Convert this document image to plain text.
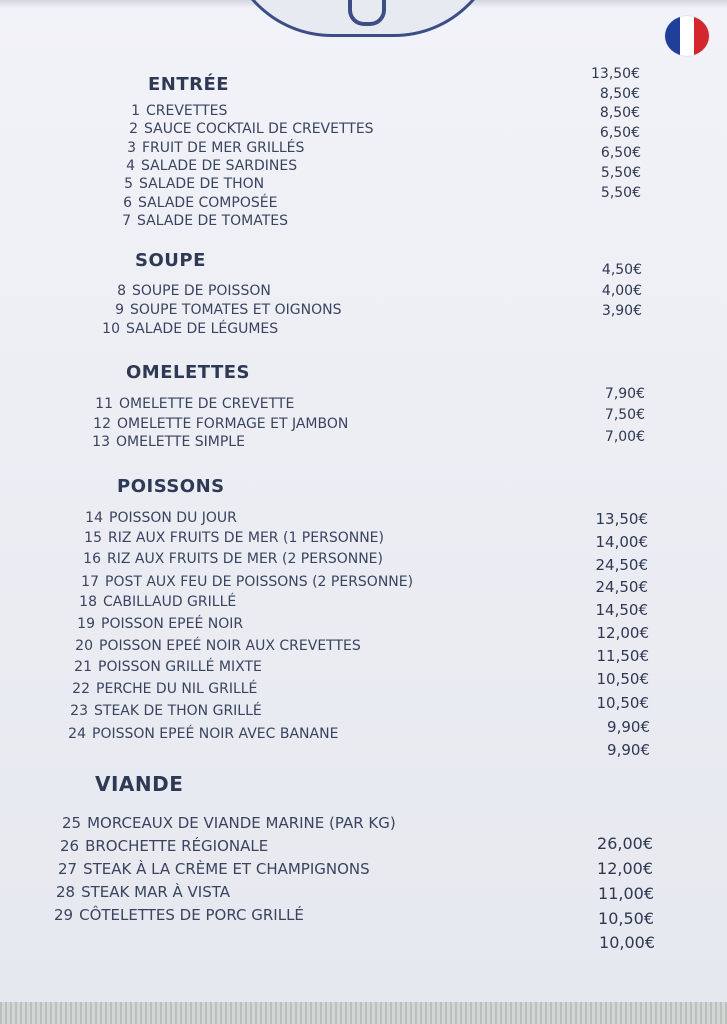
ENTRÉE
1 CREVETTES
2 SAUCE COCKTAIL DE CREVETTES
3 FRUIT DE MER GRILLÉS
4 SALADE DE SARDINES
5 SALADE DE THON
6 SALADE COMPOSÉE
7 SALADE DE TOMATES
13,50€
8,50€
8,50€
6,50€
6,50€
5,50€
5,50€
SOUPE
8 SOUPE DE POISSON
9 SOUPE TOMATES ET OIGNONS
10 SALADE DE LÉGUMES
4,50€
4,00€
3,90€
OMELETTES
11 OMELETTE DE CREVETTE
12 OMELETTE FORMAGE ET JAMBON
13 OMELETTE SIMPLE
7,90€
7,50€
7,00€
POISSONS
14 POISSON DU JOUR
15 RIZ AUX FRUITS DE MER (1 PERSONNE)
16 RIZ AUX FRUITS DE MER (2 PERSONNE)
17 POST AUX FEU DE POISSONS (2 PERSONNE)
18 CABILLAUD GRILLÉ
19 POISSON EPEÉ NOIR
20 POISSON EPEÉ NOIR AUX CREVETTES
21 POISSON GRILLÉ MIXTE
22 PERCHE DU NIL GRILLÉ
23 STEAK DE THON GRILLÉ
24 POISSON EPEÉ NOIR AVEC BANANE
13,50€
14,00€
24,50€
24,50€
14,50€
12,00€
11,50€
10,50€
10,50€
9,90€
9,90€
VIANDE
25 MORCEAUX DE VIANDE MARINE (PAR KG)
26 BROCHETTE RÉGIONALE
27 STEAK À LA CRÈME ET CHAMPIGNONS
28 STEAK MAR À VISTA
29 CÔTELETTES DE PORC GRILLÉ
26,00€
12,00€
11,00€
10,50€
10,00€
